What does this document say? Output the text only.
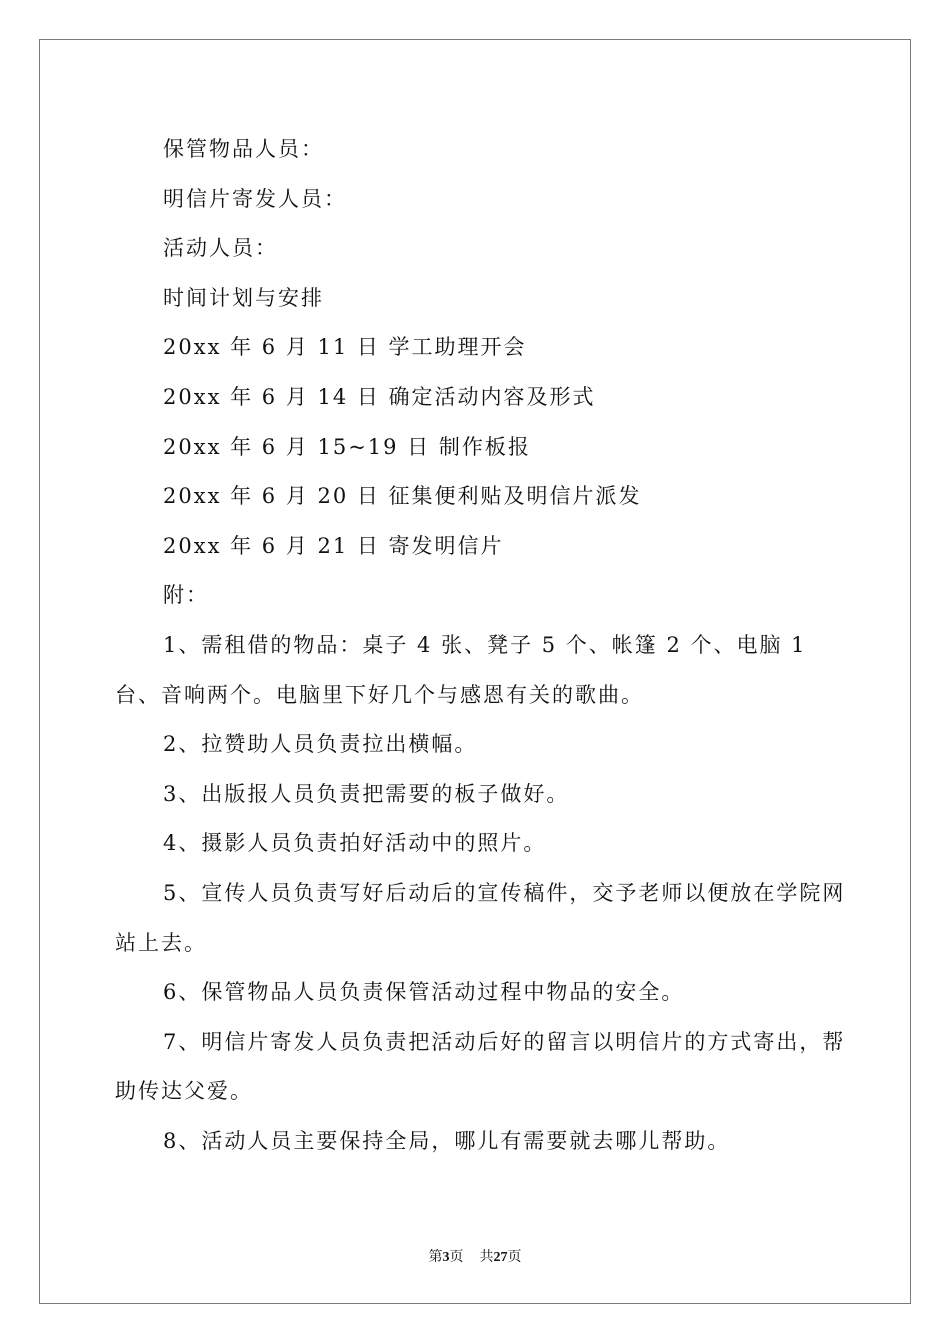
保管物品人员：

明信片寄发人员：

活动人员：

时间计划与安排

20xx 年 6 月 11 日 学工助理开会

20xx 年 6 月 14 日 确定活动内容及形式

20xx 年 6 月 15~19 日 制作板报

20xx 年 6 月 20 日 征集便利贴及明信片派发

20xx 年 6 月 21 日 寄发明信片

附：

1、需租借的物品：桌子 4 张、凳子 5 个、帐篷 2 个、电脑 1 台、音响两个。电脑里下好几个与感恩有关的歌曲。

2、拉赞助人员负责拉出横幅。

3、出版报人员负责把需要的板子做好。

4、摄影人员负责拍好活动中的照片。

5、宣传人员负责写好后动后的宣传稿件，交予老师以便放在学院网站上去。

6、保管物品人员负责保管活动过程中物品的安全。

7、明信片寄发人员负责把活动后好的留言以明信片的方式寄出，帮助传达父爱。

8、活动人员主要保持全局，哪儿有需要就去哪儿帮助。

第3页 共27页
